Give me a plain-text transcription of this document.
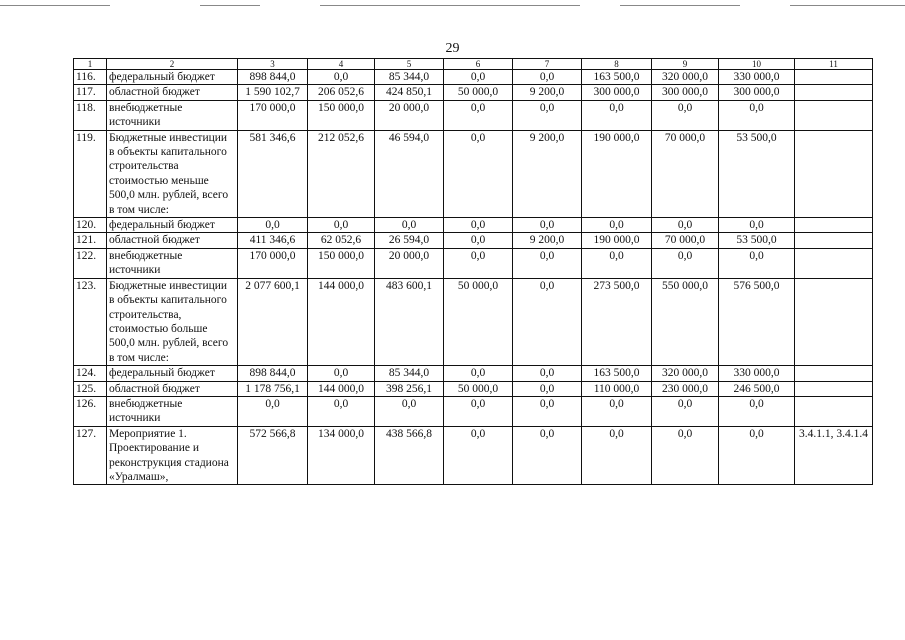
29
1	2	3	4	5	6	7	8	9	10	11
116.	федеральный бюджет	898 844,0	0,0	85 344,0	0,0	0,0	163 500,0	320 000,0	330 000,0	
117.	областной бюджет	1 590 102,7	206 052,6	424 850,1	50 000,0	9 200,0	300 000,0	300 000,0	300 000,0	
118.	внебюджетные источники	170 000,0	150 000,0	20 000,0	0,0	0,0	0,0	0,0	0,0	
119.	Бюджетные инвестиции в объекты капитального строительства стоимостью меньше 500,0 млн. рублей, всего в том числе:	581 346,6	212 052,6	46 594,0	0,0	9 200,0	190 000,0	70 000,0	53 500,0	
120.	федеральный бюджет	0,0	0,0	0,0	0,0	0,0	0,0	0,0	0,0	
121.	областной бюджет	411 346,6	62 052,6	26 594,0	0,0	9 200,0	190 000,0	70 000,0	53 500,0	
122.	внебюджетные источники	170 000,0	150 000,0	20 000,0	0,0	0,0	0,0	0,0	0,0	
123.	Бюджетные инвестиции в объекты капитального строительства, стоимостью больше 500,0 млн. рублей, всего в том числе:	2 077 600,1	144 000,0	483 600,1	50 000,0	0,0	273 500,0	550 000,0	576 500,0	
124.	федеральный бюджет	898 844,0	0,0	85 344,0	0,0	0,0	163 500,0	320 000,0	330 000,0	
125.	областной бюджет	1 178 756,1	144 000,0	398 256,1	50 000,0	0,0	110 000,0	230 000,0	246 500,0	
126.	внебюджетные источники	0,0	0,0	0,0	0,0	0,0	0,0	0,0	0,0	
127.	Мероприятие 1. Проектирование и реконструкция стадиона «Уралмаш»,	572 566,8	134 000,0	438 566,8	0,0	0,0	0,0	0,0	0,0	3.4.1.1, 3.4.1.4
